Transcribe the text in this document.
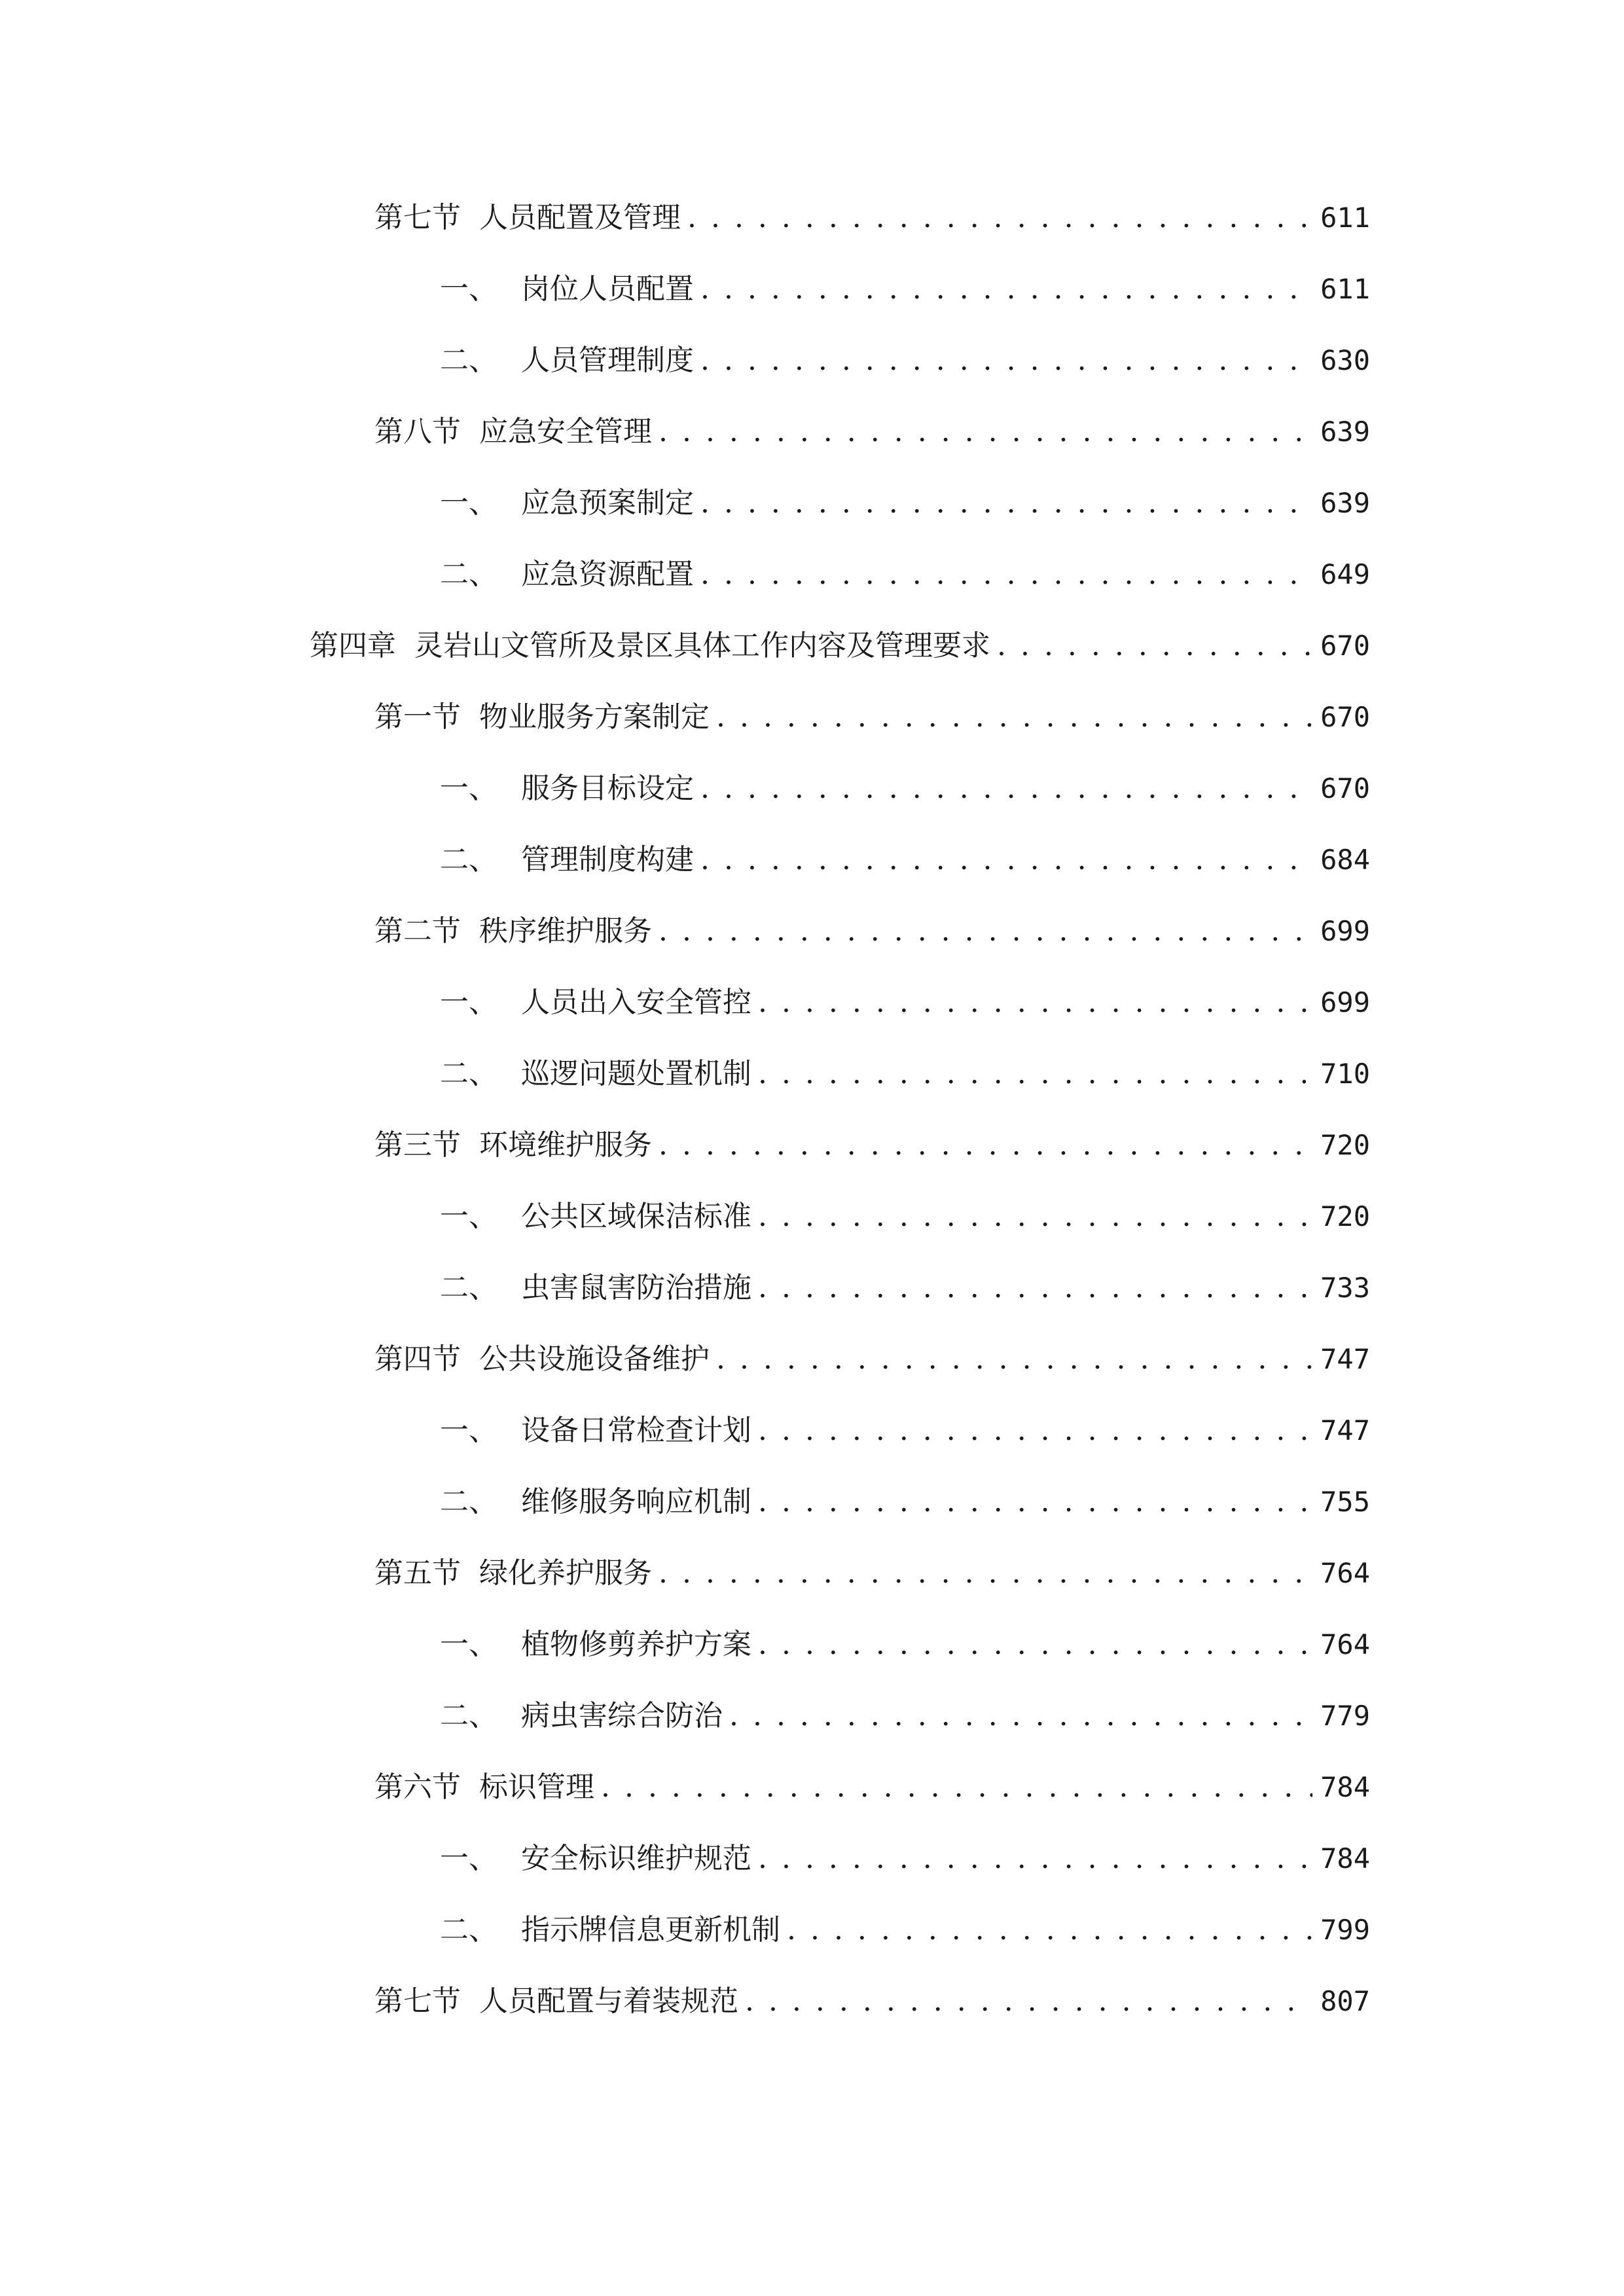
第七节 人员配置及管理 . . .	611
一、 岗位人员配置 . . .	611
二、 人员管理制度 . . .	630
第八节 应急安全管理 . . .	639
一、 应急预案制定 . . .	639
二、 应急资源配置 . . .	649
第四章 灵岩山文管所及景区具体工作内容及管理要求 . . .	670
第一节 物业服务方案制定 . . .	670
一、 服务目标设定 . . .	670
二、 管理制度构建 . . .	684
第二节 秩序维护服务 . . .	699
一、 人员出入安全管控 . . .	699
二、 巡逻问题处置机制 . . .	710
第三节 环境维护服务 . . .	720
一、 公共区域保洁标准 . . .	720
二、 虫害鼠害防治措施 . . .	733
第四节 公共设施设备维护 . . .	747
一、 设备日常检查计划 . . .	747
二、 维修服务响应机制 . . .	755
第五节 绿化养护服务 . . .	764
一、 植物修剪养护方案 . . .	764
二、 病虫害综合防治 . . .	779
第六节 标识管理 . . .	784
一、 安全标识维护规范 . . .	784
二、 指示牌信息更新机制 . . .	799
第七节 人员配置与着装规范 . . .	807
